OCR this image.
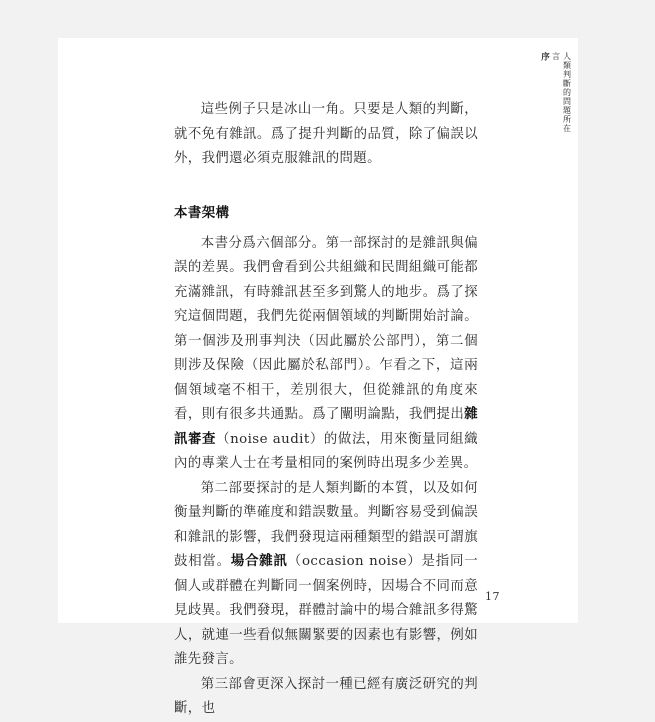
序 言 人類判斷的問題所在

這些例子只是冰山一角。只要是人類的判斷，就不免有雜訊。爲了提升判斷的品質，除了偏誤以外，我們還必須克服雜訊的問題。

本書架構

本書分爲六個部分。第一部探討的是雜訊與偏誤的差異。我們會看到公共組織和民間組織可能都充滿雜訊，有時雜訊甚至多到驚人的地步。爲了探究這個問題，我們先從兩個領域的判斷開始討論。第一個涉及刑事判決（因此屬於公部門），第二個則涉及保險（因此屬於私部門）。乍看之下，這兩個領域毫不相干，差別很大，但從雜訊的角度來看，則有很多共通點。爲了闡明論點，我們提出雜訊審查（noise audit）的做法，用來衡量同組織內的專業人士在考量相同的案例時出現多少差異。

第二部要探討的是人類判斷的本質，以及如何衡量判斷的準確度和錯誤數量。判斷容易受到偏誤和雜訊的影響，我們發現這兩種類型的錯誤可謂旗鼓相當。場合雜訊（occasion noise）是指同一個人或群體在判斷同一個案例時，因場合不同而意見歧異。我們發現，群體討論中的場合雜訊多得驚人，就連一些看似無關緊要的因素也有影響，例如誰先發言。

第三部會更深入探討一種已經有廣泛研究的判斷，也

17
